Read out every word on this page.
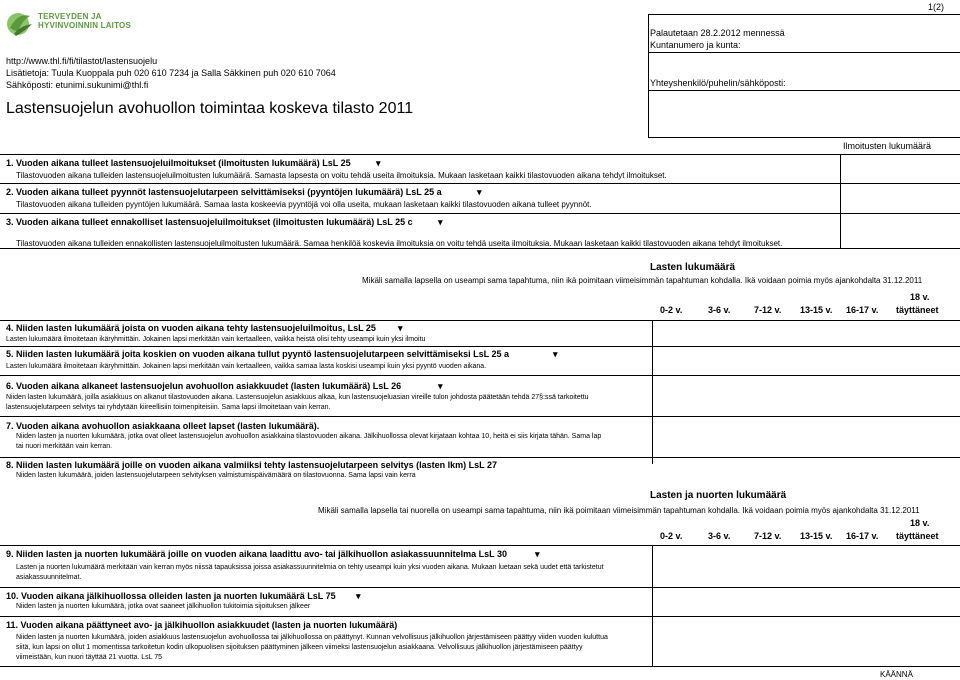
1(2)
TERVEYDEN JA
HYVINVOINNIN LAITOS
http://www.thl.fi/fi/tilastot/lastensuojelu
Lisätietoja: Tuula Kuoppala puh 020 610 7234 ja Salla Säkkinen puh 020 610 7064
Sähköposti: etunimi.sukunimi@thl.fi
Lastensuojelun avohuollon toimintaa koskeva tilasto 2011
Palautetaan 28.2.2012 mennessä
Kuntanumero ja kunta:
Yhteyshenkilö/puhelin/sähköposti:
Ilmoitusten lukumäärä
1. Vuoden aikana tulleet lastensuojeluilmoitukset (ilmoitusten lukumäärä) LsL 25	▾
Tilastovuoden aikana tulleiden lastensuojeluilmoitusten lukumäärä. Samasta lapsesta on voitu tehdä useita ilmoituksia. Mukaan lasketaan kaikki tilastovuoden aikana tehdyt ilmoitukset.
2. Vuoden aikana tulleet pyynnöt lastensuojelutarpeen selvittämiseksi (pyyntöjen lukumäärä) LsL 25 a	▾
Tilastovuoden aikana tulleiden pyyntöjen lukumäärä. Samaa lasta koskeevia pyyntöjä voi olla useita, mukaan lasketaan kaikki tilastovuoden aikana tulleet pyynnöt.
3. Vuoden aikana tulleet ennakolliset lastensuojeluilmoitukset (ilmoitusten lukumäärä) LsL 25 c	▾
Tilastovuoden aikana tulleiden ennakollisten lastensuojeluilmoitusten lukumäärä. Samaa henkilöä koskevia ilmoituksia on voitu tehdä useita ilmoituksia. Mukaan lasketaan kaikki tilastovuoden aikana tehdyt ilmoitukset.
Lasten lukumäärä
Mikäli samalla lapsella on useampi sama tapahtuma, niin ikä poimitaan viimeisimmän tapahtuman kohdalla. Ikä voidaan poimia myös ajankohdalta 31.12.2011
0-2 v.	3-6 v.	7-12 v. 13-15 v. 16-17 v.
18 v.
täyttäneet
4. Niiden lasten lukumäärä joista on vuoden aikana tehty lastensuojeluilmoitus, LsL 25 ▾
Lasten lukumäärä ilmoitetaan ikäryhmittäin. Jokainen lapsi merkitään vain kertaalleen, vaikka heistä olisi tehty useampi kuin yksi ilmoitu
5. Niiden lasten lukumäärä joita koskien on vuoden aikana tullut pyyntö lastensuojelutarpeen selvittämiseksi LsL 25 a	▾
Lasten lukumäärä ilmoitetaan ikäryhmittäin. Jokainen lapsi merkitään vain kertaalleen, vaikka samaa lasta koskisi useampi kuin yksi pyyntö vuoden aikana.
6. Vuoden aikana alkaneet lastensuojelun avohuollon asiakkuudet (lasten lukumäärä) LsL 26	▾
Niiden lasten lukumäärä, joilla asiakkuus on alkanut tilastovuoden aikana. Lastensuojelun asiakkuus alkaa, kun lastensuojeluasian vireille tulon johdosta päätetään tehdä 27§:ssä tarkoitettu
lastensuojelutarpeen selvitys tai ryhdytään kiireellisiin toimenpiteisiin. Sama lapsi ilmoitetaan vain kerran.
7. Vuoden aikana avohuollon asiakkaana olleet lapset (lasten lukumäärä).
Niiden lasten ja nuorten lukumäärä, jotka ovat olleet lastensuojelun avohuollon asiakkaina tilastovuoden aikana. Jälkihuollossa olevat kirjataan kohtaa 10, heitä ei siis kirjata tähän. Sama lap
tai nuori merkitään vain kerran.
8. Niiden lasten lukumäärä joille on vuoden aikana valmiiksi tehty lastensuojelutarpeen selvitys (lasten lkm) LsL 27
Niiden lasten lukumäärä, joiden lastensuojelutarpeen selvityksen valmistumispäivämäärä on tilastovuonna. Sama lapsi vain kerra
Lasten ja nuorten lukumäärä
Mikäli samalla lapsella tai nuorella on useampi sama tapahtuma, niin ikä poimitaan viimeisimmän tapahtuman kohdalla. Ikä voidaan poimia myös ajankohdalta 31.12.2011
0-2 v.	3-6 v.	7-12 v. 13-15 v. 16-17 v.
18 v.
täyttäneet
9. Niiden lasten ja nuorten lukumäärä joille on vuoden aikana laadittu avo- tai jälkihuollon asiakassuunnitelma LsL 30	▾
Lasten ja nuorten lukumäärä merkitään vain kerran myös niissä tapauksissa joissa asiakassuunnitelmia on tehty useampi kuin yksi vuoden aikana. Mukaan luetaan sekä uudet että tarkistetut
asiakassuunnitelmat.
10. Vuoden aikana jälkihuollossa olleiden lasten ja nuorten lukumäärä LsL 75 ▾
Niiden lasten ja nuorten lukumäärä, jotka ovat saaneet jälkihuollon tukitoimia sijoituksen jälkeer
11. Vuoden aikana päättyneet avo- ja jälkihuollon asiakkuudet (lasten ja nuorten lukumäärä)
Niiden lasten ja nuorten lukumäärä, joiden asiakkuus lastensuojelun avohuollossa tai jälkihuollossa on päättynyt. Kunnan velvollisuus jälkihuollon järjestämiseen päättyy viiden vuoden kuluttua
siitä, kun lapsi on ollut 1 momentissa tarkoitetun kodin ulkopuolisen sijoituksen päättyminen jälkeen viimeksi lastensuojelun asiakkaana. Velvollisuus jälkihuollon järjestämiseen päättyy
viimeistään, kun nuori täyttää 21 vuotta. LsL 75
KÄÄNNÄ
